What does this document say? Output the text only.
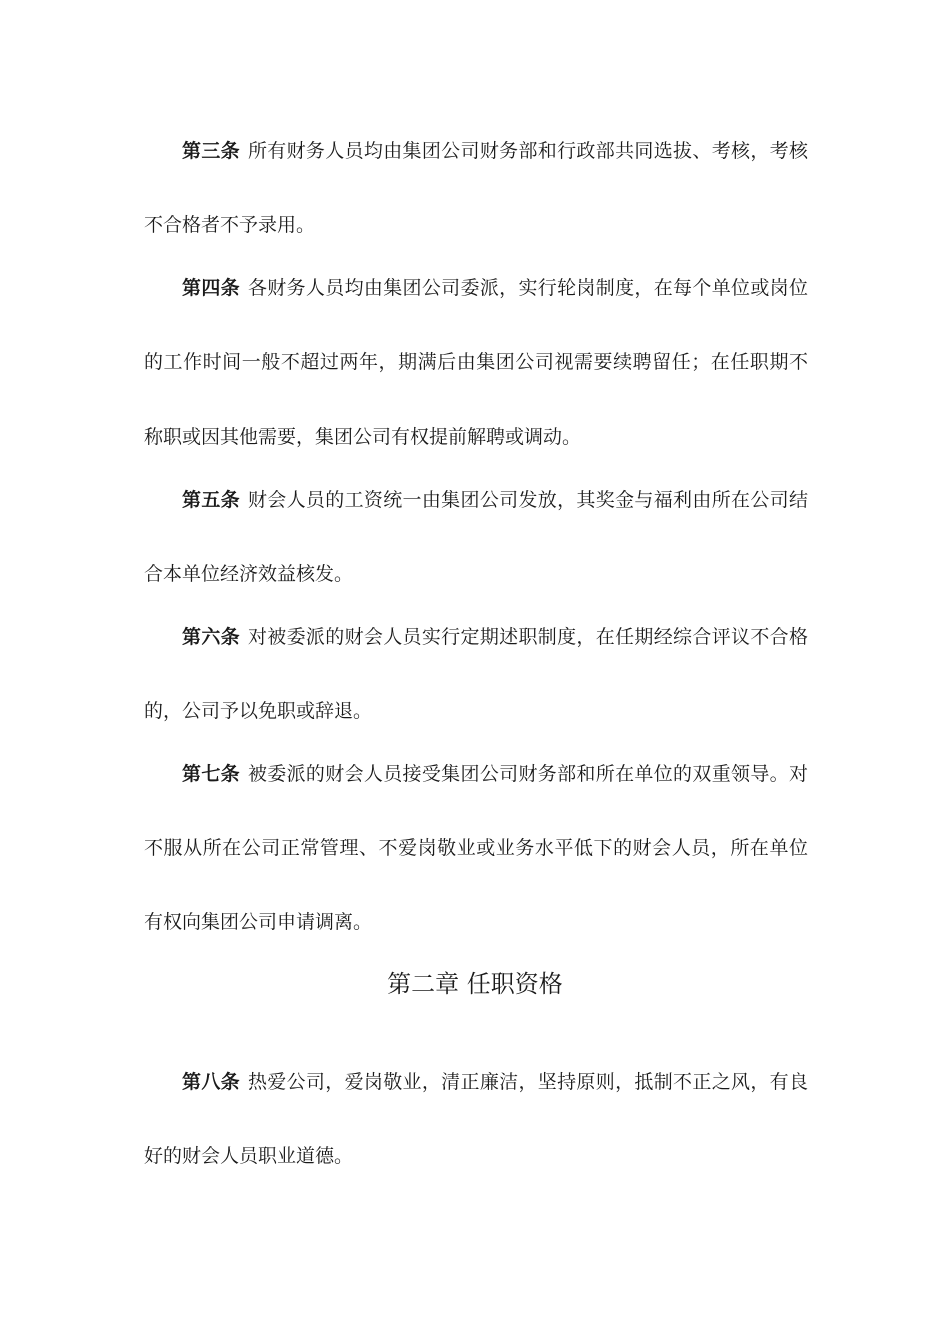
第三条 所有财务人员均由集团公司财务部和行政部共同选拔、考核，考核
不合格者不予录用。
第四条 各财务人员均由集团公司委派，实行轮岗制度，在每个单位或岗位
的工作时间一般不超过两年，期满后由集团公司视需要续聘留任；在任职期不
称职或因其他需要，集团公司有权提前解聘或调动。
第五条 财会人员的工资统一由集团公司发放，其奖金与福利由所在公司结
合本单位经济效益核发。
第六条 对被委派的财会人员实行定期述职制度，在任期经综合评议不合格
的，公司予以免职或辞退。
第七条 被委派的财会人员接受集团公司财务部和所在单位的双重领导。对
不服从所在公司正常管理、不爱岗敬业或业务水平低下的财会人员，所在单位
有权向集团公司申请调离。
第二章 任职资格
第八条 热爱公司，爱岗敬业，清正廉洁，坚持原则，抵制不正之风，有良
好的财会人员职业道德。
